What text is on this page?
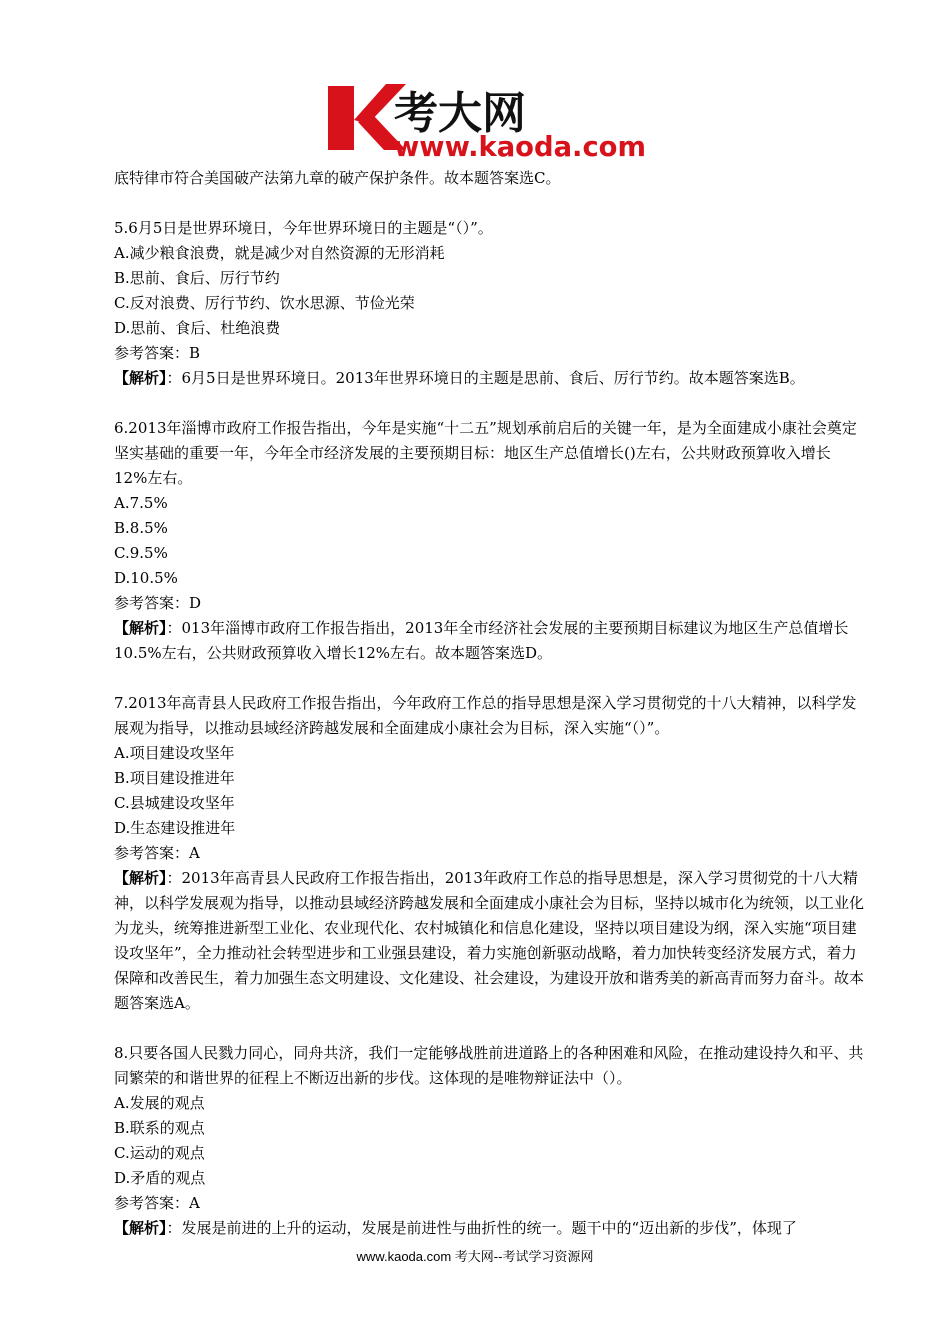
考大网
www.kaoda.com

底特律市符合美国破产法第九章的破产保护条件。故本题答案选C。

5.6月5日是世界环境日，今年世界环境日的主题是“（）”。

A.减少粮食浪费，就是减少对自然资源的无形消耗

B.思前、食后、厉行节约

C.反对浪费、厉行节约、饮水思源、节俭光荣

D.思前、食后、杜绝浪费

参考答案：B

【解析】：6月5日是世界环境日。2013年世界环境日的主题是思前、食后、厉行节约。故本题答案选B。

6.2013年淄博市政府工作报告指出，今年是实施“十二五”规划承前启后的关键一年，是为全面建成小康社会奠定坚实基础的重要一年，今年全市经济发展的主要预期目标：地区生产总值增长()左右，公共财政预算收入增长12%左右。

A.7.5%

B.8.5%

C.9.5%

D.10.5%

参考答案：D

【解析】：013年淄博市政府工作报告指出，2013年全市经济社会发展的主要预期目标建议为地区生产总值增长10.5%左右，公共财政预算收入增长12%左右。故本题答案选D。

7.2013年高青县人民政府工作报告指出，今年政府工作总的指导思想是深入学习贯彻党的十八大精神，以科学发展观为指导，以推动县域经济跨越发展和全面建成小康社会为目标，深入实施“（）”。

A.项目建设攻坚年

B.项目建设推进年

C.县城建设攻坚年

D.生态建设推进年

参考答案：A

【解析】：2013年高青县人民政府工作报告指出，2013年政府工作总的指导思想是，深入学习贯彻党的十八大精神，以科学发展观为指导，以推动县域经济跨越发展和全面建成小康社会为目标，坚持以城市化为统领，以工业化为龙头，统筹推进新型工业化、农业现代化、农村城镇化和信息化建设，坚持以项目建设为纲，深入实施“项目建设攻坚年”，全力推动社会转型进步和工业强县建设，着力实施创新驱动战略，着力加快转变经济发展方式，着力保障和改善民生，着力加强生态文明建设、文化建设、社会建设，为建设开放和谐秀美的新高青而努力奋斗。故本题答案选A。

8.只要各国人民戮力同心，同舟共济，我们一定能够战胜前进道路上的各种困难和风险，在推动建设持久和平、共同繁荣的和谐世界的征程上不断迈出新的步伐。这体现的是唯物辩证法中（）。

A.发展的观点

B.联系的观点

C.运动的观点

D.矛盾的观点

参考答案：A

【解析】：发展是前进的上升的运动，发展是前进性与曲折性的统一。题干中的“迈出新的步伐”，体现了

www.kaoda.com 考大网--考试学习资源网
